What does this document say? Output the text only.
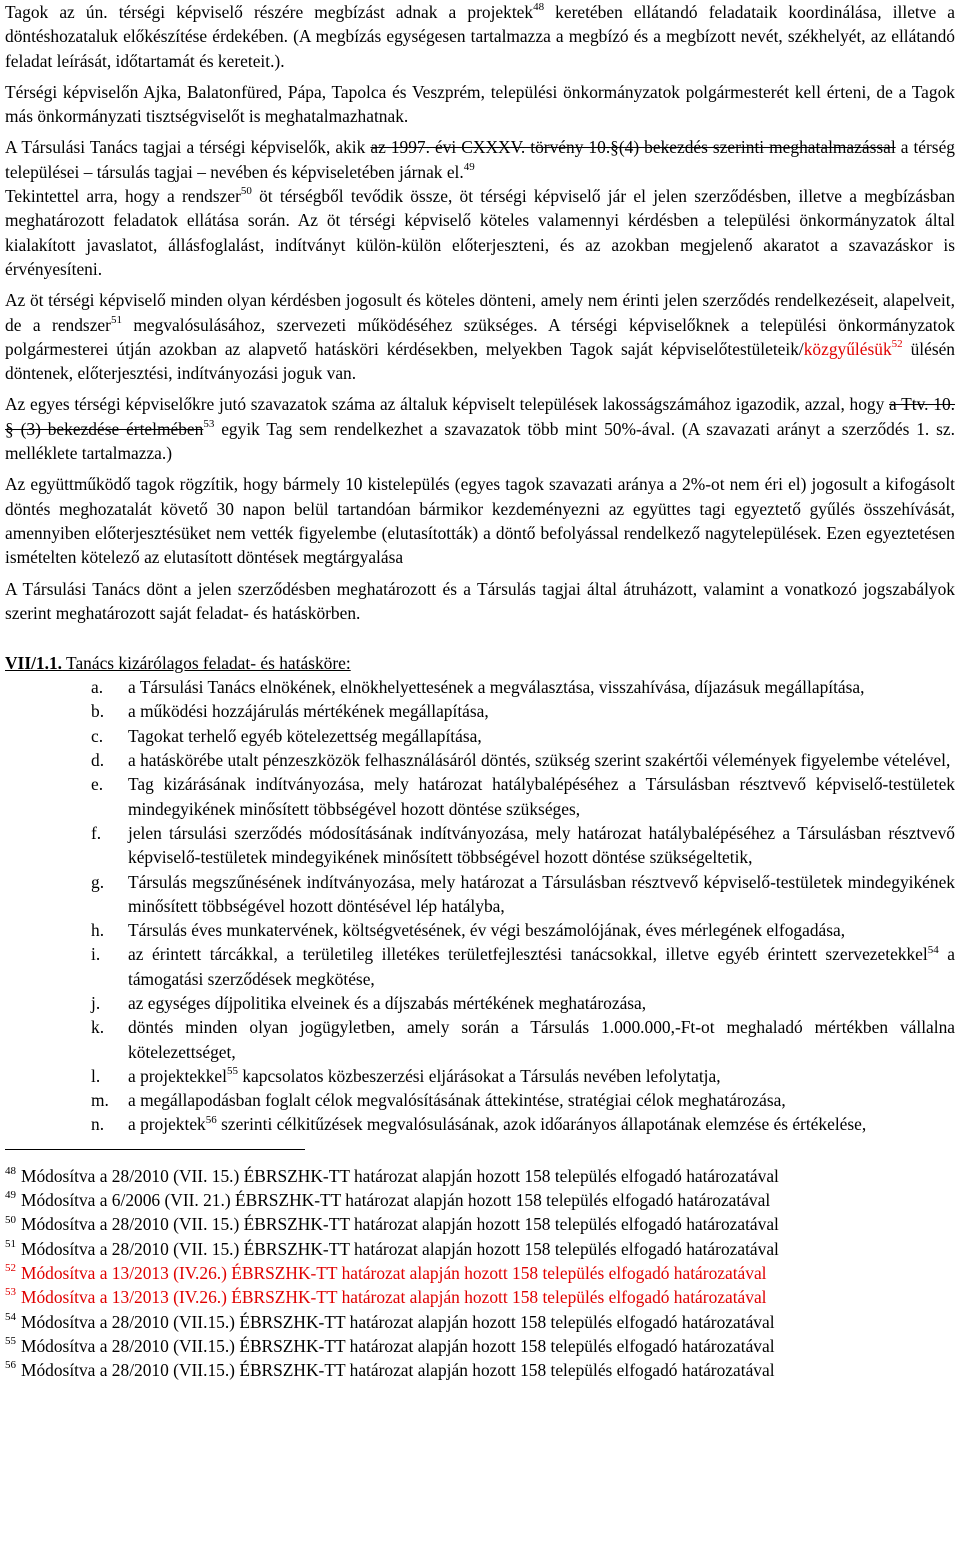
Tagok az ún. térségi képviselő részére megbízást adnak a projektek$^{48}$ keretében ellátandó feladataik koordinálása, illetve a döntéshozataluk előkészítése érdekében. (A megbízás egységesen tartalmazza a megbízó és a megbízott nevét, székhelyét, az ellátandó feladat leírását, időtartamát és kereteit.).

Térségi képviselőn Ajka, Balatonfüred, Pápa, Tapolca és Veszprém, települési önkormányzatok polgármesterét kell érteni, de a Tagok más önkormányzati tisztségviselőt is meghatalmazhatnak.

A Társulási Tanács tagjai a térségi képviselők, akik az 1997. évi CXXXV. törvény 10.§(4) bekezdés szerinti meghatalmazással a térség települései – társulás tagjai – nevében és képviseletében járnak el.$^{49}$

Tekintettel arra, hogy a rendszer$^{50}$ öt térségből tevődik össze, öt térségi képviselő jár el jelen szerződésben, illetve a megbízásban meghatározott feladatok ellátása során. Az öt térségi képviselő köteles valamennyi kérdésben a települési önkormányzatok által kialakított javaslatot, állásfoglalást, indítványt külön-külön előterjeszteni, és az azokban megjelenő akaratot a szavazáskor is érvényesíteni.

Az öt térségi képviselő minden olyan kérdésben jogosult és köteles dönteni, amely nem érinti jelen szerződés rendelkezéseit, alapelveit, de a rendszer$^{51}$ megvalósulásához, szervezeti működéséhez szükséges. A térségi képviselőknek a települési önkormányzatok polgármesterei útján azokban az alapvető hatásköri kérdésekben, melyekben Tagok saját képviselőtestületeik/közgyűlésük$^{52}$ ülésén döntenek, előterjesztési, indítványozási joguk van.

Az egyes térségi képviselőkre jutó szavazatok száma az általuk képviselt települések lakosságszámához igazodik, azzal, hogy a Ttv. 10. § (3) bekezdése értelmében$^{53}$ egyik Tag sem rendelkezhet a szavazatok több mint 50%-ával. (A szavazati arányt a szerződés 1. sz. melléklete tartalmazza.)

Az együttműködő tagok rögzítik, hogy bármely 10 kistelepülés (egyes tagok szavazati aránya a 2%-ot nem éri el) jogosult a kifogásolt döntés meghozatalát követő 30 napon belül tartandóan bármikor kezdeményezni az együttes tagi egyeztető gyűlés összehívását, amennyiben előterjesztésüket nem vették figyelembe (elutasították) a döntő befolyással rendelkező nagytelepülések. Ezen egyeztetésen ismételten kötelező az elutasított döntések megtárgyalása

A Társulási Tanács dönt a jelen szerződésben meghatározott és a Társulás tagjai által átruházott, valamint a vonatkozó jogszabályok szerint meghatározott saját feladat- és hatáskörben.

VII/1.1. Tanács kizárólagos feladat- és hatásköre:
a. a Társulási Tanács elnökének, elnökhelyettesének a megválasztása, visszahívása, díjazásuk megállapítása,
b. a működési hozzájárulás mértékének megállapítása,
c. Tagokat terhelő egyéb kötelezettség megállapítása,
d. a hatáskörébe utalt pénzeszközök felhasználásáról döntés, szükség szerint szakértői vélemények figyelembe vételével,
e. Tag kizárásának indítványozása, mely határozat hatálybalépéséhez a Társulásban résztvevő képviselő-testületek mindegyikének minősített többségével hozott döntése szükséges,
f. jelen társulási szerződés módosításának indítványozása, mely határozat hatálybalépéséhez a Társulásban résztvevő képviselő-testületek mindegyikének minősített többségével hozott döntése szükségeltetik,
g. Társulás megszűnésének indítványozása, mely határozat a Társulásban résztvevő képviselő-testületek mindegyikének minősített többségével hozott döntésével lép hatályba,
h. Társulás éves munkatervének, költségvetésének, év végi beszámolójának, éves mérlegének elfogadása,
i. az érintett tárcákkal, a területileg illetékes területfejlesztési tanácsokkal, illetve egyéb érintett szervezetekkel$^{54}$ a támogatási szerződések megkötése,
j. az egységes díjpolitika elveinek és a díjszabás mértékének meghatározása,
k. döntés minden olyan jogügyletben, amely során a Társulás 1.000.000,-Ft-ot meghaladó mértékben vállalna kötelezettséget,
l. a projektekkel$^{55}$ kapcsolatos közbeszerzési eljárásokat a Társulás nevében lefolytatja,
m. a megállapodásban foglalt célok megvalósításának áttekintése, stratégiai célok meghatározása,
n. a projektek$^{56}$ szerinti célkitűzések megvalósulásának, azok időarányos állapotának elemzése és értékelése,
$^{48}$ Módosítva a 28/2010 (VII. 15.) ÉBRSZHK-TT határozat alapján hozott 158 település elfogadó határozatával
$^{49}$ Módosítva a 6/2006 (VII. 21.) ÉBRSZHK-TT határozat alapján hozott 158 település elfogadó határozatával
$^{50}$ Módosítva a 28/2010 (VII. 15.) ÉBRSZHK-TT határozat alapján hozott 158 település elfogadó határozatával
$^{51}$ Módosítva a 28/2010 (VII. 15.) ÉBRSZHK-TT határozat alapján hozott 158 település elfogadó határozatával
$^{52}$ Módosítva a 13/2013 (IV.26.) ÉBRSZHK-TT határozat alapján hozott 158 település elfogadó határozatával
$^{53}$ Módosítva a 13/2013 (IV.26.) ÉBRSZHK-TT határozat alapján hozott 158 település elfogadó határozatával
$^{54}$ Módosítva a 28/2010 (VII.15.) ÉBRSZHK-TT határozat alapján hozott 158 település elfogadó határozatával
$^{55}$ Módosítva a 28/2010 (VII.15.) ÉBRSZHK-TT határozat alapján hozott 158 település elfogadó határozatával
$^{56}$ Módosítva a 28/2010 (VII.15.) ÉBRSZHK-TT határozat alapján hozott 158 település elfogadó határozatával
